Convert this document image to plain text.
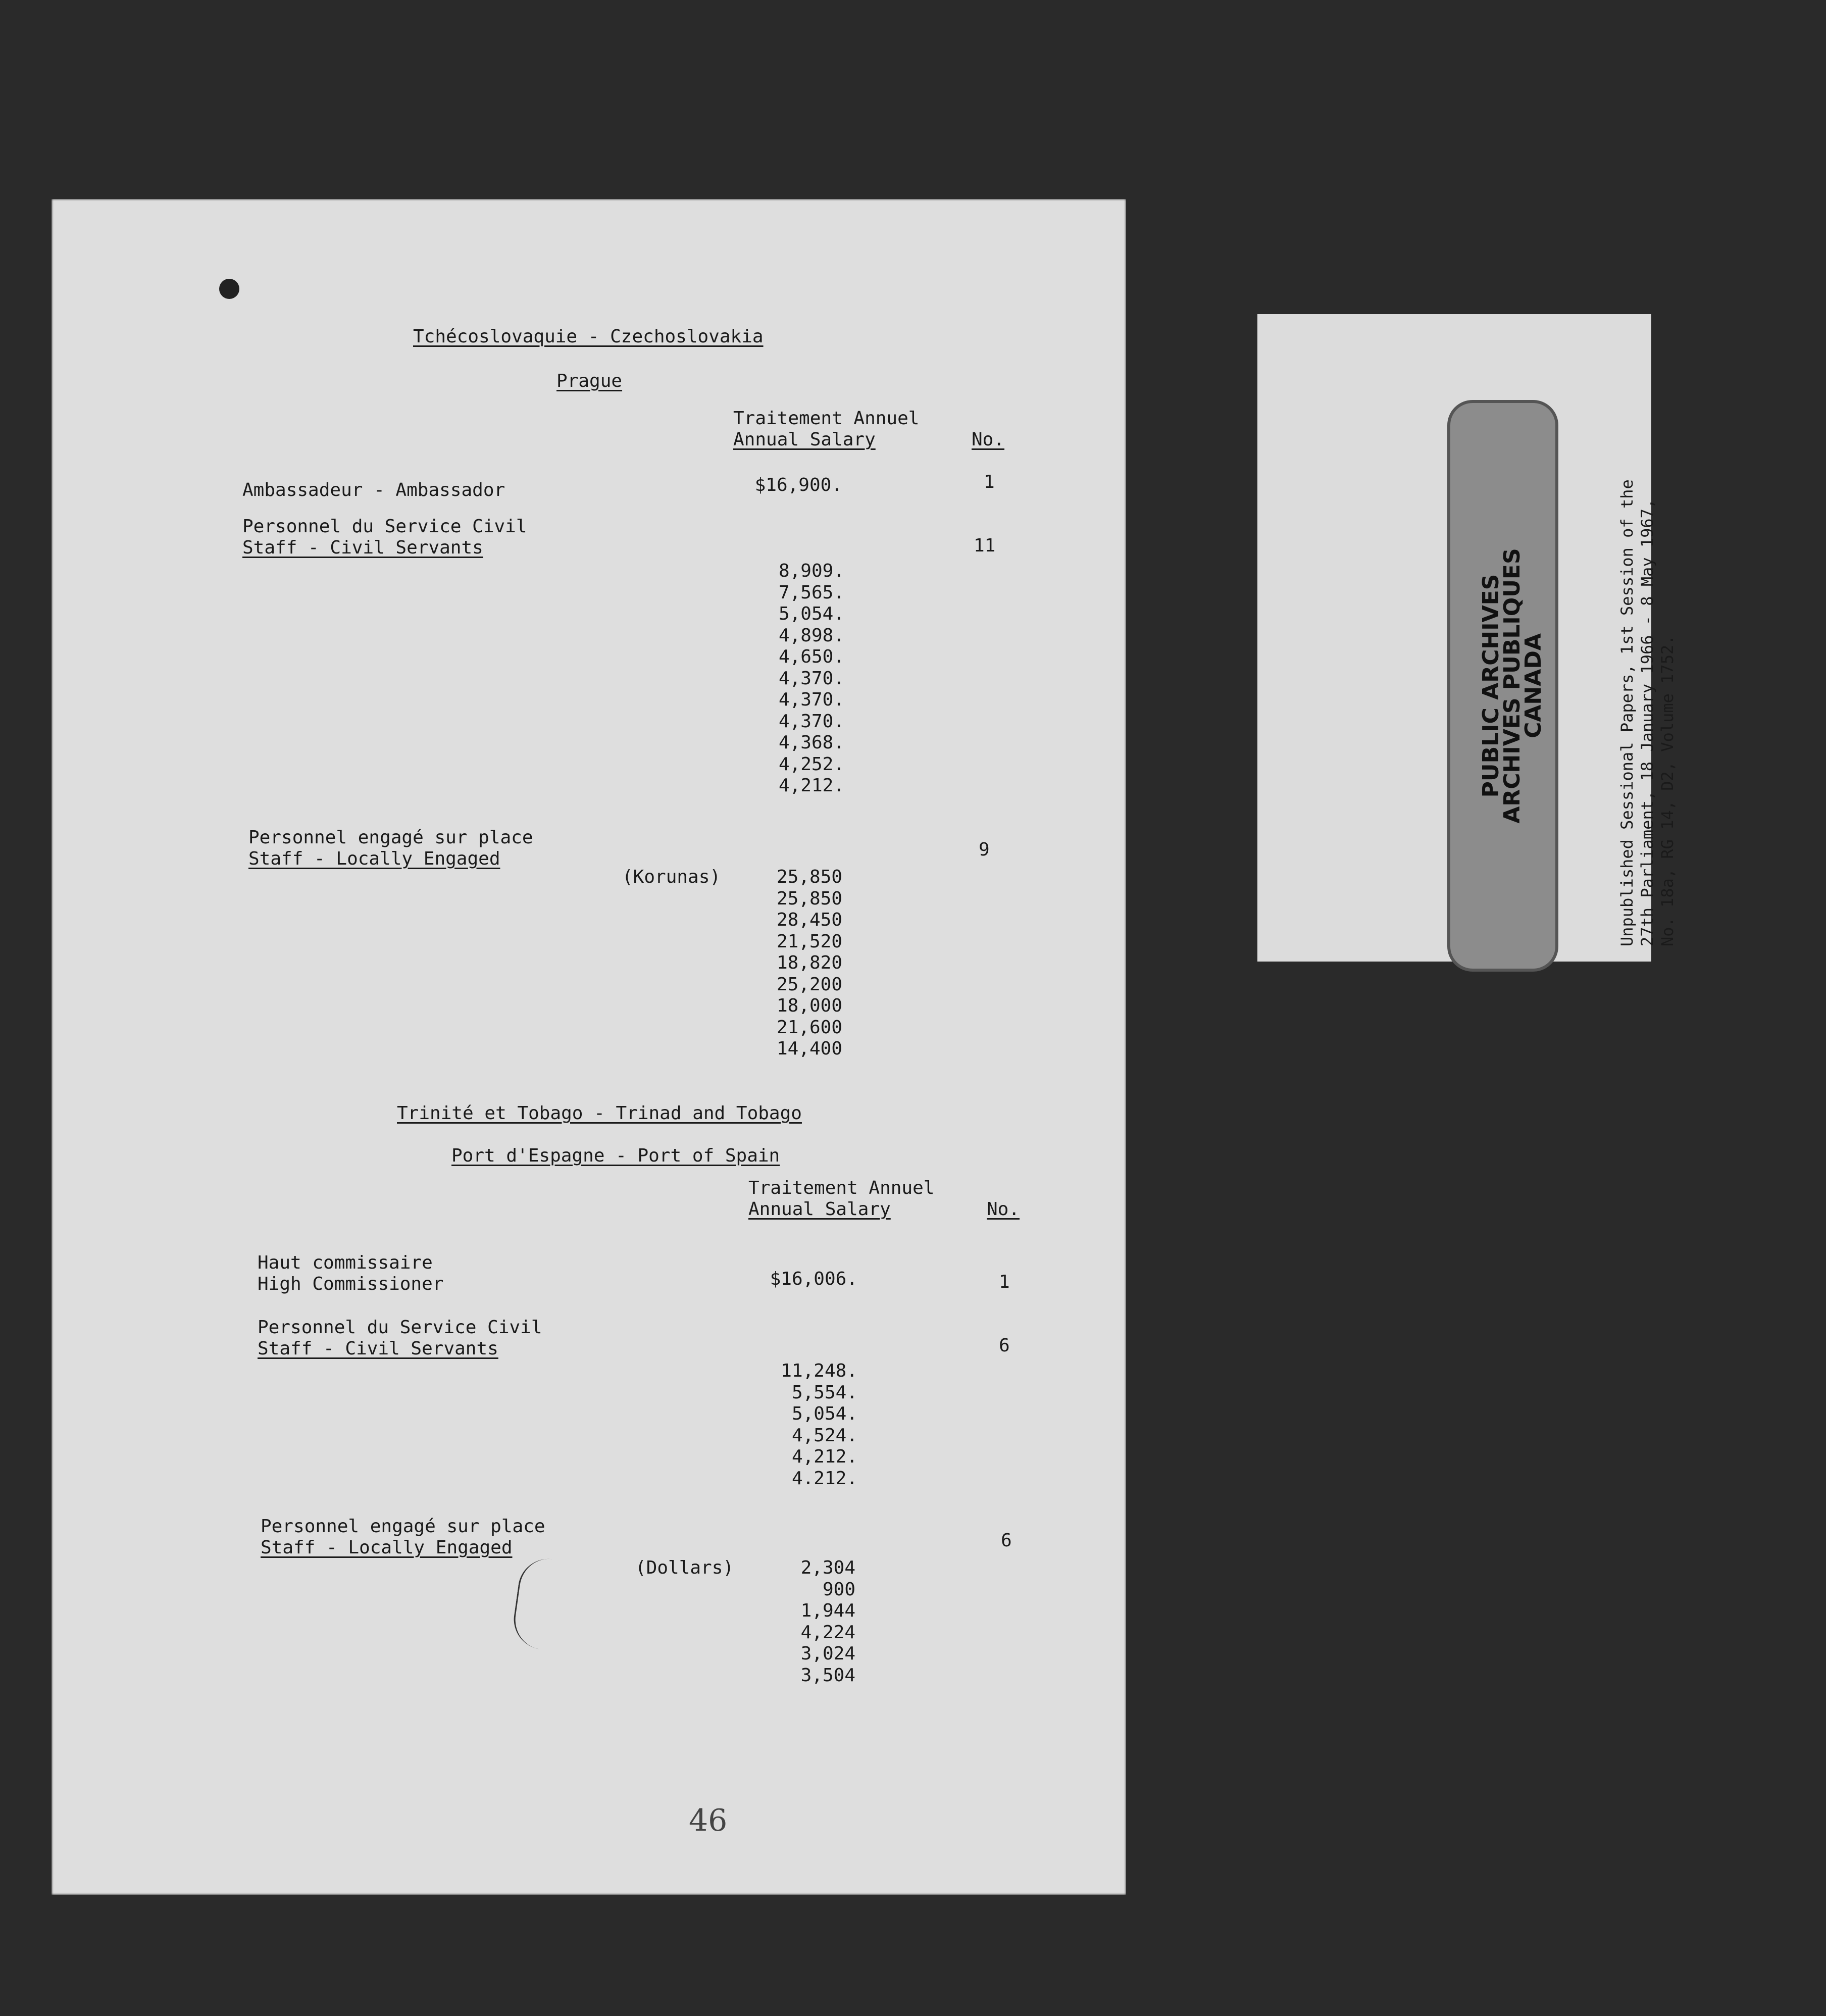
Tchécoslovaquie - Czechoslovakia
Prague
Traitement Annuel
Annual Salary	No.
Ambassadeur - Ambassador	$16,900.	1
Personnel du Service Civil
Staff - Civil Servants	11
8,909.
7,565.
5,054.
4,898.
4,650.
4,370.
4,370.
4,370.
4,368.
4,252.
4,212.
Personnel engagé sur place
Staff - Locally Engaged	9
(Korunas)	25,850
25,850
28,450
21,520
18,820
25,200
18,000
21,600
14,400
Trinité et Tobago - Trinad and Tobago
Port d'Espagne - Port of Spain
Traitement Annuel
Annual Salary	No.
Haut commissaire
High Commissioner	$16,006.	1
Personnel du Service Civil
Staff - Civil Servants	6
11,248.
5,554.
5,054.
4,524.
4,212.
4.212.
Personnel engagé sur place
Staff - Locally Engaged	6
(Dollars)	2,304
900
1,944
4,224
3,024
3,504
46
PUBLIC ARCHIVES
ARCHIVES PUBLIQUES
CANADA	Unpublished Sessional Papers, 1st Session of the 27th Parliament, 18 January 1966 - 8 May 1967, No. 18a, RG 14, D2, Volume 1752.
